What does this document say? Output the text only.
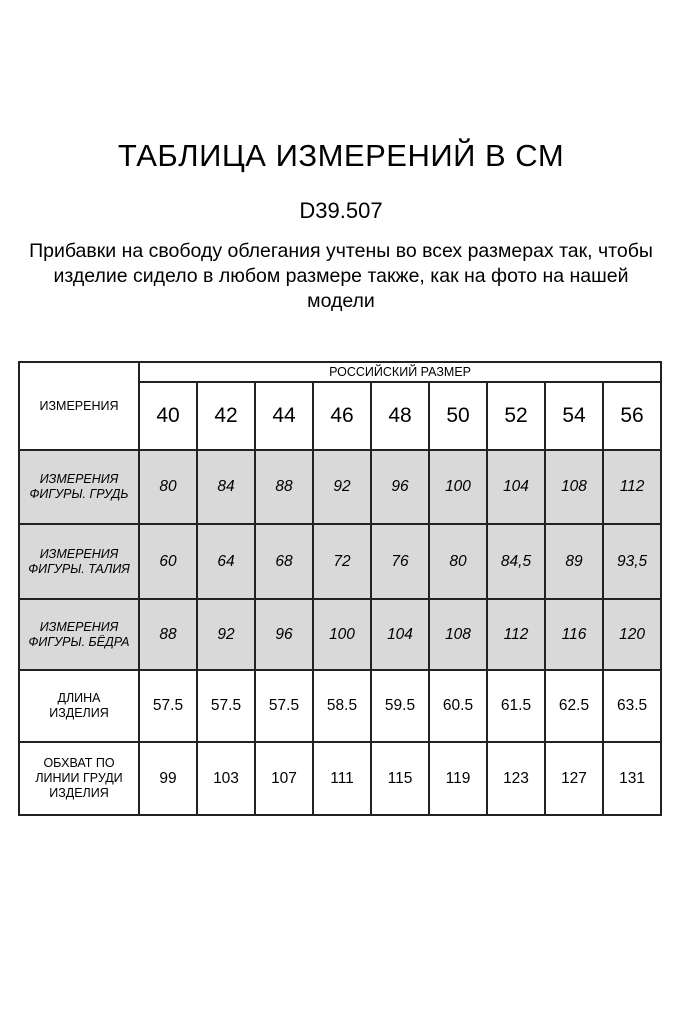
ТАБЛИЦА ИЗМЕРЕНИЙ В СМ
D39.507
Прибавки на свободу облегания учтены во всех размерах так, чтобы изделие сидело в любом размере также, как на фото на нашей модели
ИЗМЕРЕНИЯ	РОССИЙСКИЙ РАЗМЕР								
	40	42	44	46	48	50	52	54	56
ИЗМЕРЕНИЯ ФИГУРЫ. ГРУДЬ	80	84	88	92	96	100	104	108	112
ИЗМЕРЕНИЯ ФИГУРЫ. ТАЛИЯ	60	64	68	72	76	80	84,5	89	93,5
ИЗМЕРЕНИЯ ФИГУРЫ. БЁДРА	88	92	96	100	104	108	112	116	120
ДЛИНА ИЗДЕЛИЯ	57.5	57.5	57.5	58.5	59.5	60.5	61.5	62.5	63.5
ОБХВАТ ПО ЛИНИИ ГРУДИ ИЗДЕЛИЯ	99	103	107	111	115	119	123	127	131
